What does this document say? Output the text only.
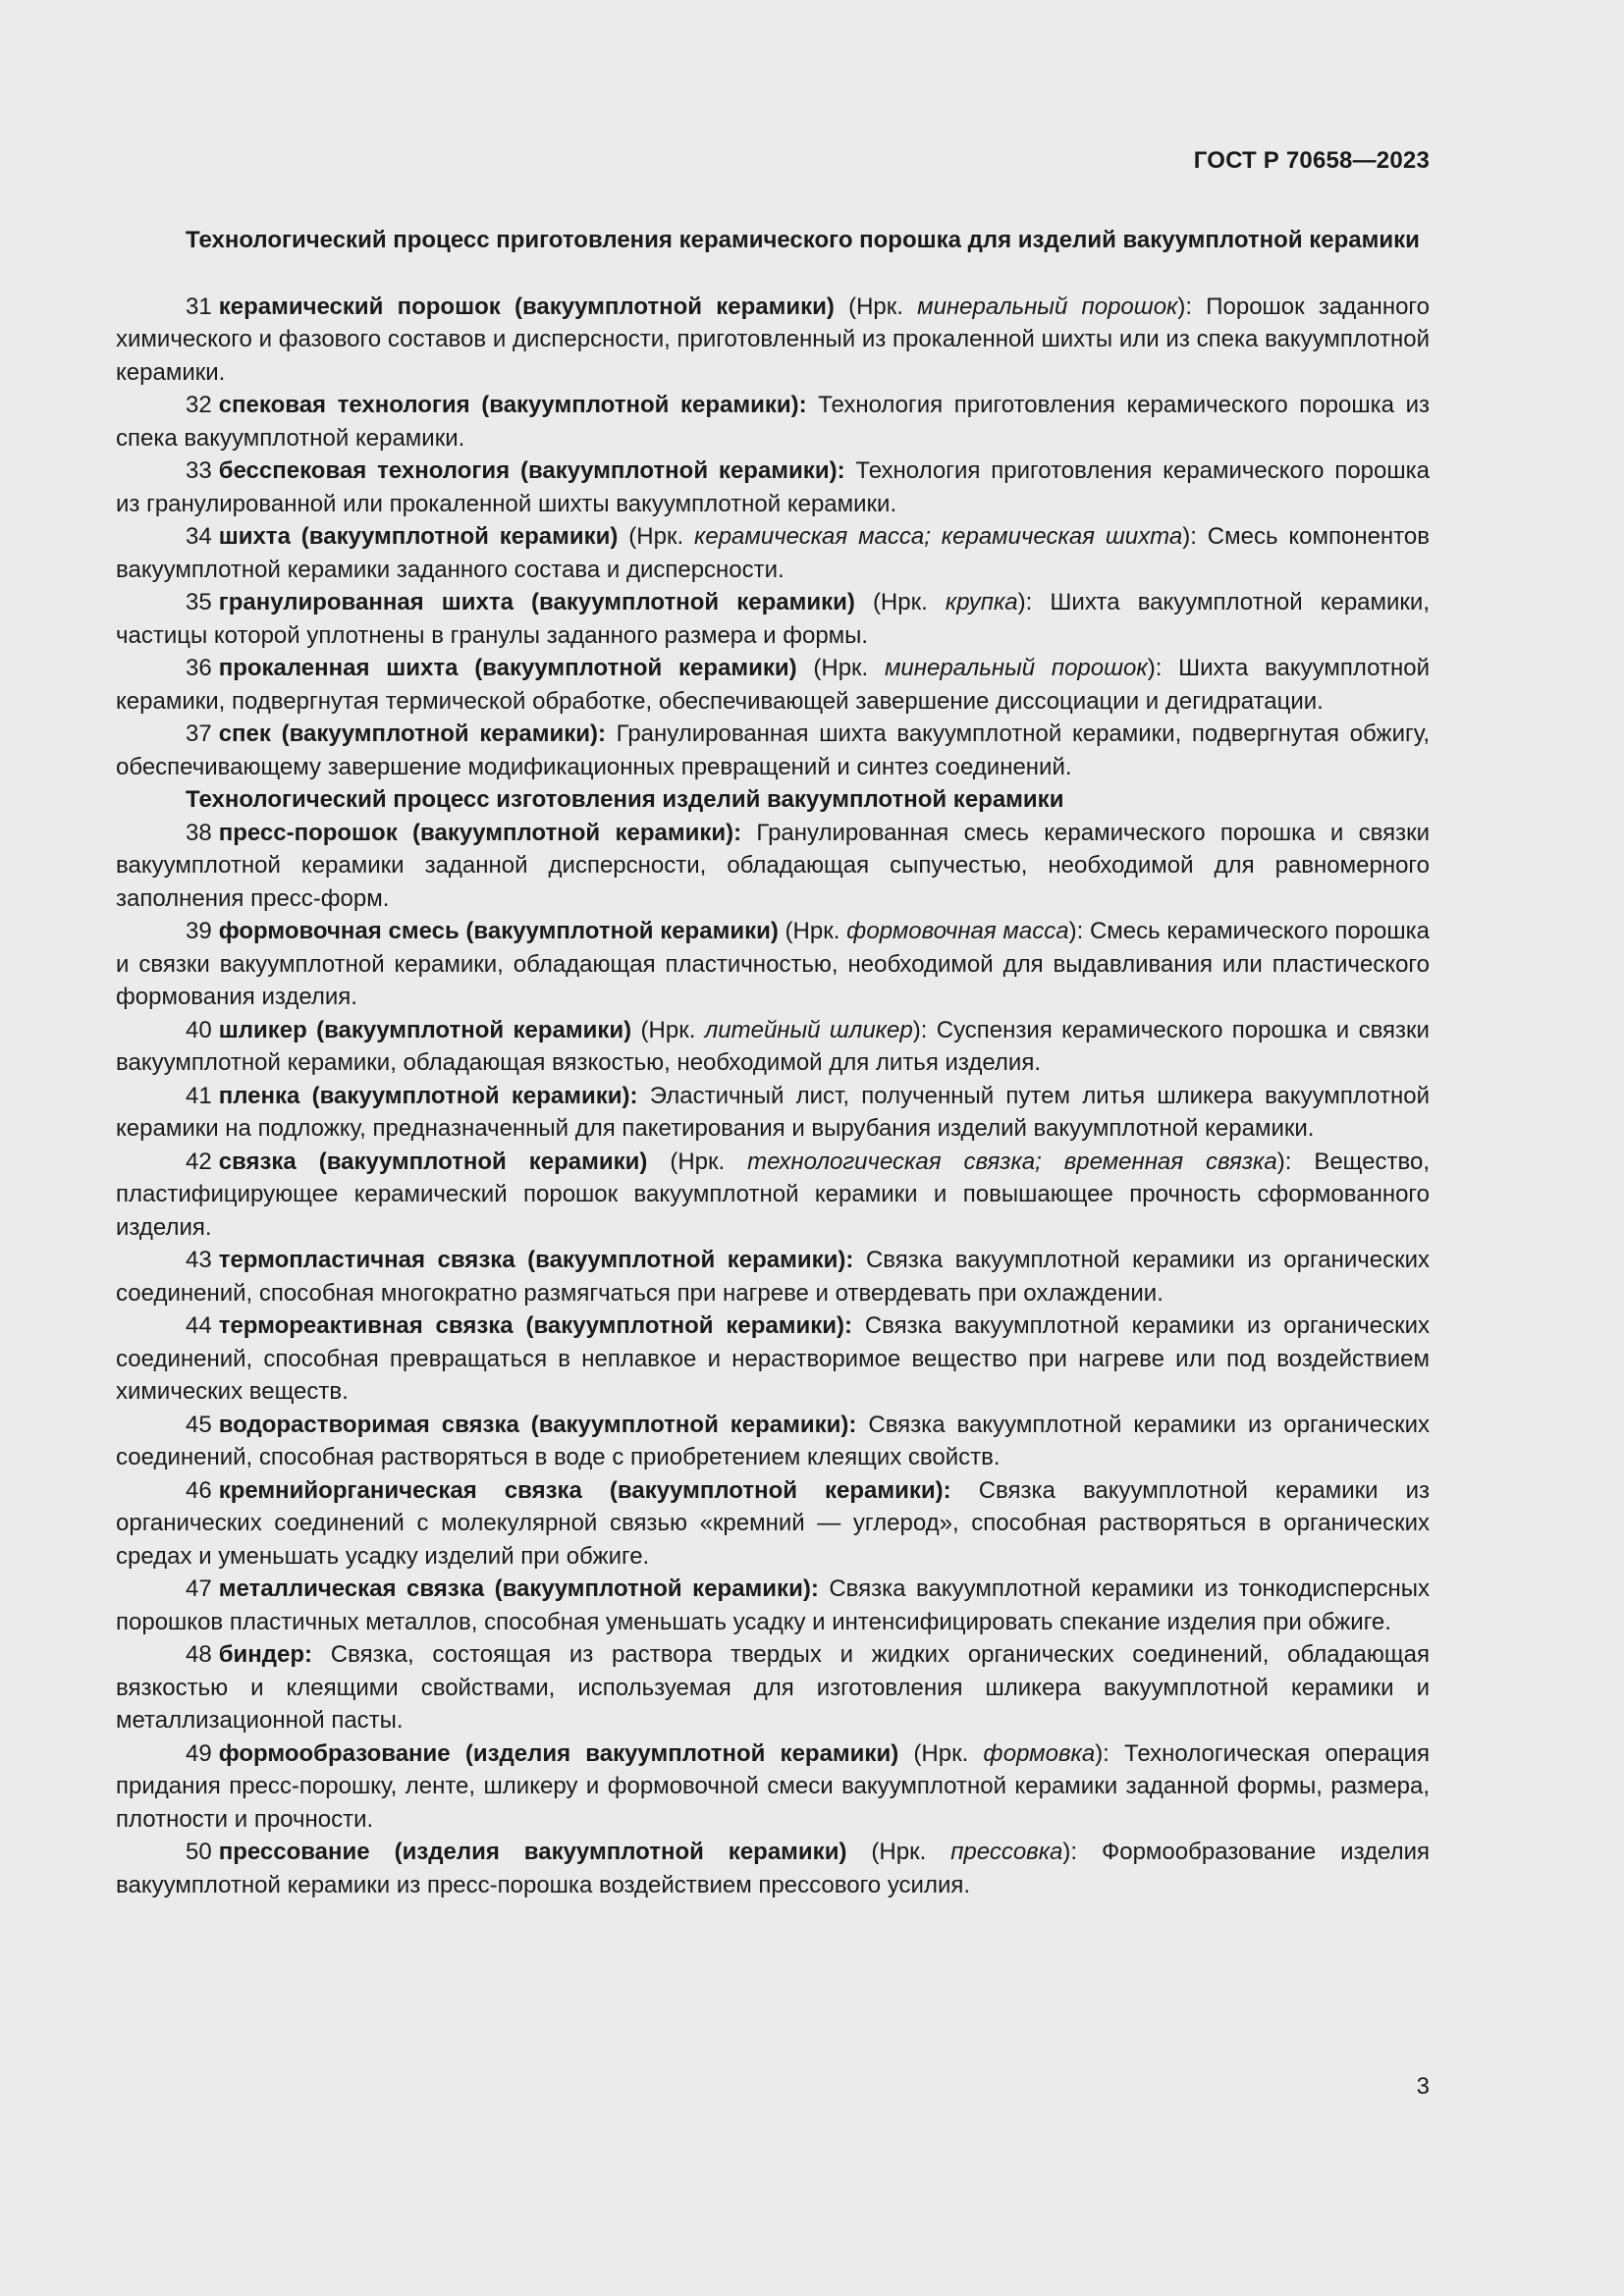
ГОСТ Р 70658—2023
Технологический процесс приготовления керамического порошка для изделий вакуумплотной керамики
31 керамический порошок (вакуумплотной керамики) (Нрк. минеральный порошок): Порошок заданного химического и фазового составов и дисперсности, приготовленный из прокаленной шихты или из спека вакуумплотной керамики.
32 спековая технология (вакуумплотной керамики): Технология приготовления керамического порошка из спека вакуумплотной керамики.
33 бесспековая технология (вакуумплотной керамики): Технология приготовления керамического порошка из гранулированной или прокаленной шихты вакуумплотной керамики.
34 шихта (вакуумплотной керамики) (Нрк. керамическая масса; керамическая шихта): Смесь компонентов вакуумплотной керамики заданного состава и дисперсности.
35 гранулированная шихта (вакуумплотной керамики) (Нрк. крупка): Шихта вакуумплотной керамики, частицы которой уплотнены в гранулы заданного размера и формы.
36 прокаленная шихта (вакуумплотной керамики) (Нрк. минеральный порошок): Шихта вакуумплотной керамики, подвергнутая термической обработке, обеспечивающей завершение диссоциации и дегидратации.
37 спек (вакуумплотной керамики): Гранулированная шихта вакуумплотной керамики, подвергнутая обжигу, обеспечивающему завершение модификационных превращений и синтез соединений.
Технологический процесс изготовления изделий вакуумплотной керамики
38 пресс-порошок (вакуумплотной керамики): Гранулированная смесь керамического порошка и связки вакуумплотной керамики заданной дисперсности, обладающая сыпучестью, необходимой для равномерного заполнения пресс-форм.
39 формовочная смесь (вакуумплотной керамики) (Нрк. формовочная масса): Смесь керамического порошка и связки вакуумплотной керамики, обладающая пластичностью, необходимой для выдавливания или пластического формования изделия.
40 шликер (вакуумплотной керамики) (Нрк. литейный шликер): Суспензия керамического порошка и связки вакуумплотной керамики, обладающая вязкостью, необходимой для литья изделия.
41 пленка (вакуумплотной керамики): Эластичный лист, полученный путем литья шликера вакуумплотной керамики на подложку, предназначенный для пакетирования и вырубания изделий вакуумплотной керамики.
42 связка (вакуумплотной керамики) (Нрк. технологическая связка; временная связка): Вещество, пластифицирующее керамический порошок вакуумплотной керамики и повышающее прочность сформованного изделия.
43 термопластичная связка (вакуумплотной керамики): Связка вакуумплотной керамики из органических соединений, способная многократно размягчаться при нагреве и отвердевать при охлаждении.
44 термореактивная связка (вакуумплотной керамики): Связка вакуумплотной керамики из органических соединений, способная превращаться в неплавкое и нерастворимое вещество при нагреве или под воздействием химических веществ.
45 водорастворимая связка (вакуумплотной керамики): Связка вакуумплотной керамики из органических соединений, способная растворяться в воде с приобретением клеящих свойств.
46 кремнийорганическая связка (вакуумплотной керамики): Связка вакуумплотной керамики из органических соединений с молекулярной связью «кремний — углерод», способная растворяться в органических средах и уменьшать усадку изделий при обжиге.
47 металлическая связка (вакуумплотной керамики): Связка вакуумплотной керамики из тонкодисперсных порошков пластичных металлов, способная уменьшать усадку и интенсифицировать спекание изделия при обжиге.
48 биндер: Связка, состоящая из раствора твердых и жидких органических соединений, обладающая вязкостью и клеящими свойствами, используемая для изготовления шликера вакуумплотной керамики и металлизационной пасты.
49 формообразование (изделия вакуумплотной керамики) (Нрк. формовка): Технологическая операция придания пресс-порошку, ленте, шликеру и формовочной смеси вакуумплотной керамики заданной формы, размера, плотности и прочности.
50 прессование (изделия вакуумплотной керамики) (Нрк. прессовка): Формообразование изделия вакуумплотной керамики из пресс-порошка воздействием прессового усилия.
3
